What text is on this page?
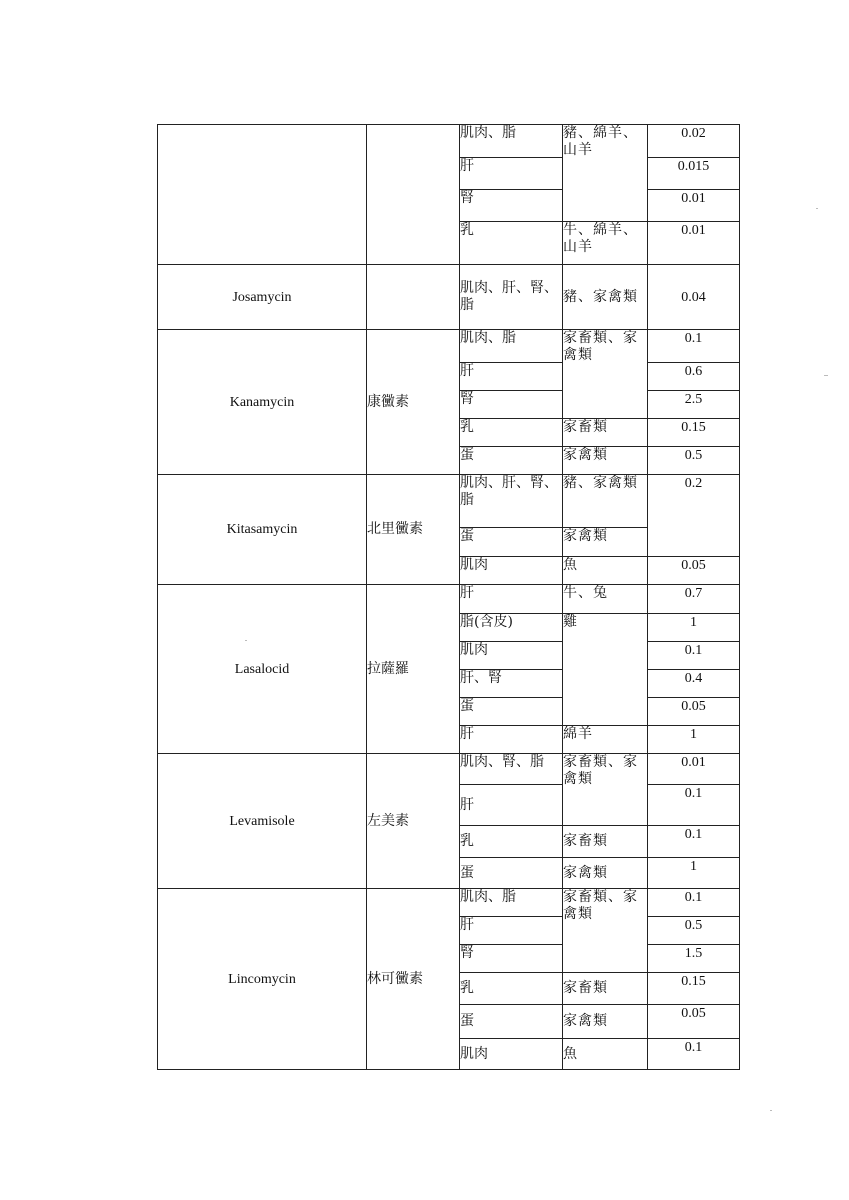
		肌肉、脂	豬、綿羊、山羊	0.02
		肝		0.015
		腎		0.01
		乳	牛、綿羊、山羊	0.01
Josamycin		肌肉、肝、腎、脂	豬、家禽類	0.04
Kanamycin	康黴素	肌肉、脂	家畜類、家禽類	0.1
		肝		0.6
		腎		2.5
		乳	家畜類	0.15
		蛋	家禽類	0.5
Kitasamycin	北里黴素	肌肉、肝、腎、脂	豬、家禽類	0.2
		蛋	家禽類	
		肌肉	魚	0.05
Lasalocid	拉薩羅	肝	牛、兔	0.7
		脂(含皮)	雞	1
		肌肉		0.1
		肝、腎		0.4
		蛋		0.05
		肝	綿羊	1
Levamisole	左美素	肌肉、腎、脂	家畜類、家禽類	0.01
		肝		0.1
		乳	家畜類	0.1
		蛋	家禽類	1
Lincomycin	林可黴素	肌肉、脂	家畜類、家禽類	0.1
		肝		0.5
		腎		1.5
		乳	家畜類	0.15
		蛋	家禽類	0.05
		肌肉	魚	0.1
